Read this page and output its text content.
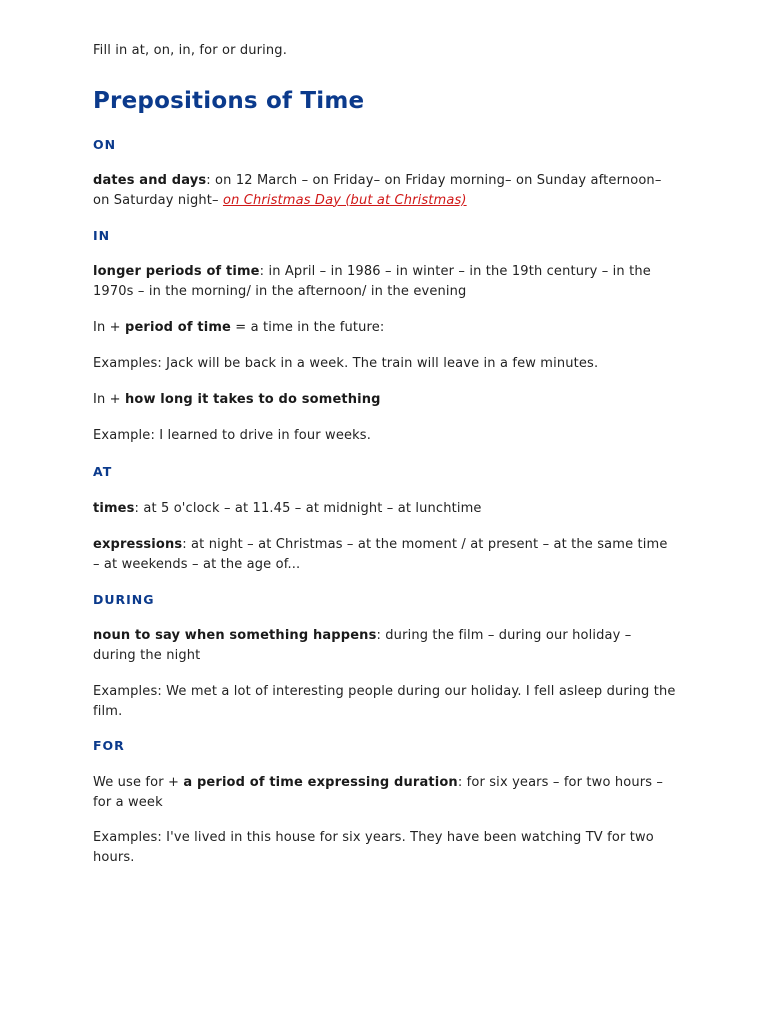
Fill in at, on, in, for or during.

Prepositions of Time
ON

dates and days: on 12 March – on Friday– on Friday morning– on Sunday afternoon– on Saturday night– on Christmas Day (but at Christmas)

IN

longer periods of time: in April – in 1986 – in winter – in the 19th century – in the 1970s – in the morning/ in the afternoon/ in the evening

In + period of time = a time in the future:

Examples: Jack will be back in a week. The train will leave in a few minutes.

In + how long it takes to do something

Example: I learned to drive in four weeks.

AT

times: at 5 o'clock – at 11.45 – at midnight – at lunchtime

expressions: at night – at Christmas – at the moment / at present – at the same time – at weekends – at the age of...

DURING

noun to say when something happens: during the film – during our holiday – during the night

Examples: We met a lot of interesting people during our holiday. I fell asleep during the film.

FOR

We use for + a period of time expressing duration: for six years – for two hours – for a week

Examples: I've lived in this house for six years. They have been watching TV for two hours.
